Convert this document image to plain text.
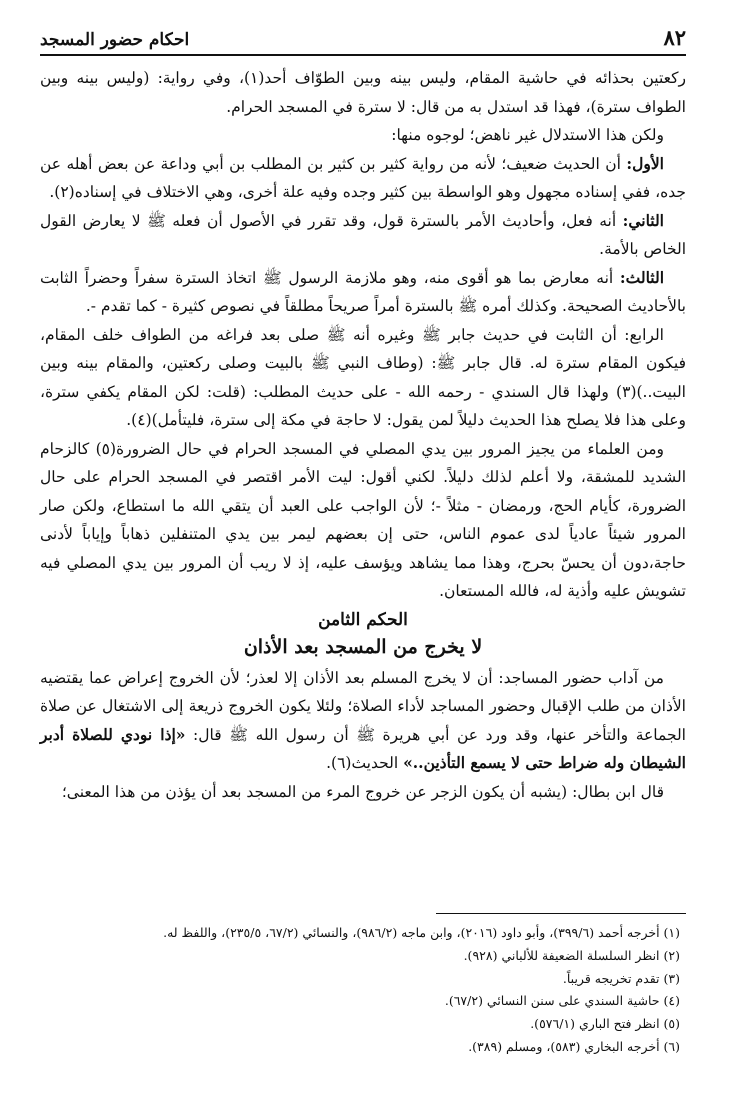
٨٢
احكام حضور المسجد

ركعتين بحذائه في حاشية المقام، وليس بينه وبين الطوّاف أحد(١)، وفي رواية: (وليس بينه وبين الطواف سترة)، فهذا قد استدل به من قال: لا سترة في المسجد الحرام.

ولكن هذا الاستدلال غير ناهض؛ لوجوه منها:

الأول: أن الحديث ضعيف؛ لأنه من رواية كثير بن كثير بن المطلب بن أبي وداعة عن بعض أهله عن جده، ففي إسناده مجهول وهو الواسطة بين كثير وجده وفيه علة أخرى، وهي الاختلاف في إسناده(٢).

الثاني: أنه فعل، وأحاديث الأمر بالسترة قول، وقد تقرر في الأصول أن فعله ﷺ لا يعارض القول الخاص بالأمة.

الثالث: أنه معارض بما هو أقوى منه، وهو ملازمة الرسول ﷺ اتخاذ السترة سفراً وحضراً الثابت بالأحاديث الصحيحة. وكذلك أمره ﷺ بالسترة أمراً صريحاً مطلقاً في نصوص كثيرة - كما تقدم -.

الرابع: أن الثابت في حديث جابر ﷺ وغيره أنه ﷺ صلى بعد فراغه من الطواف خلف المقام، فيكون المقام سترة له. قال جابر ﷺ: (وطاف النبي ﷺ بالبيت وصلى ركعتين، والمقام بينه وبين البيت..)(٣) ولهذا قال السندي - رحمه الله - على حديث المطلب: (قلت: لكن المقام يكفي سترة، وعلى هذا فلا يصلح هذا الحديث دليلاً لمن يقول: لا حاجة في مكة إلى سترة، فليتأمل)(٤).

ومن العلماء من يجيز المرور بين يدي المصلي في المسجد الحرام في حال الضرورة(٥) كالزحام الشديد للمشقة، ولا أعلم لذلك دليلاً. لكني أقول: ليت الأمر اقتصر في المسجد الحرام على حال الضرورة، كأيام الحج، ورمضان - مثلاً -؛ لأن الواجب على العبد أن يتقي الله ما استطاع، ولكن صار المرور شيئاً عادياً لدى عموم الناس، حتى إن بعضهم ليمر بين يدي المتنفلين ذهاباً وإياباً لأدنى حاجة،دون أن يحسّ بحرج، وهذا مما يشاهد ويؤسف عليه، إذ لا ريب أن المرور بين يدي المصلي فيه تشويش عليه وأذية له، فالله المستعان.

الحكم الثامن
لا يخرج من المسجد بعد الأذان

من آداب حضور المساجد: أن لا يخرج المسلم بعد الأذان إلا لعذر؛ لأن الخروج إعراض عما يقتضيه الأذان من طلب الإقبال وحضور المساجد لأداء الصلاة؛ ولئلا يكون الخروج ذريعة إلى الاشتغال عن صلاة الجماعة والتأخر عنها، وقد ورد عن أبي هريرة ﷺ أن رسول الله ﷺ قال: «إذا نودي للصلاة أدبر الشيطان وله ضراط حتى لا يسمع التأذين..» الحديث(٦).

قال ابن بطال: (يشبه أن يكون الزجر عن خروج المرء من المسجد بعد أن يؤذن من هذا المعنى؛

(١) أخرجه أحمد (٣٩٩/٦)، وأبو داود (٢٠١٦)، وابن ماجه (٩٨٦/٢)، والنسائي (٦٧/٢، ٢٣٥/٥)، واللفظ له.

(٢) انظر السلسلة الضعيفة للألباني (٩٢٨).

(٣) تقدم تخريجه قريباً.

(٤) حاشية السندي على سنن النسائي (٦٧/٢).

(٥) انظر فتح الباري (٥٧٦/١).

(٦) أخرجه البخاري (٥٨٣)، ومسلم (٣٨٩).
